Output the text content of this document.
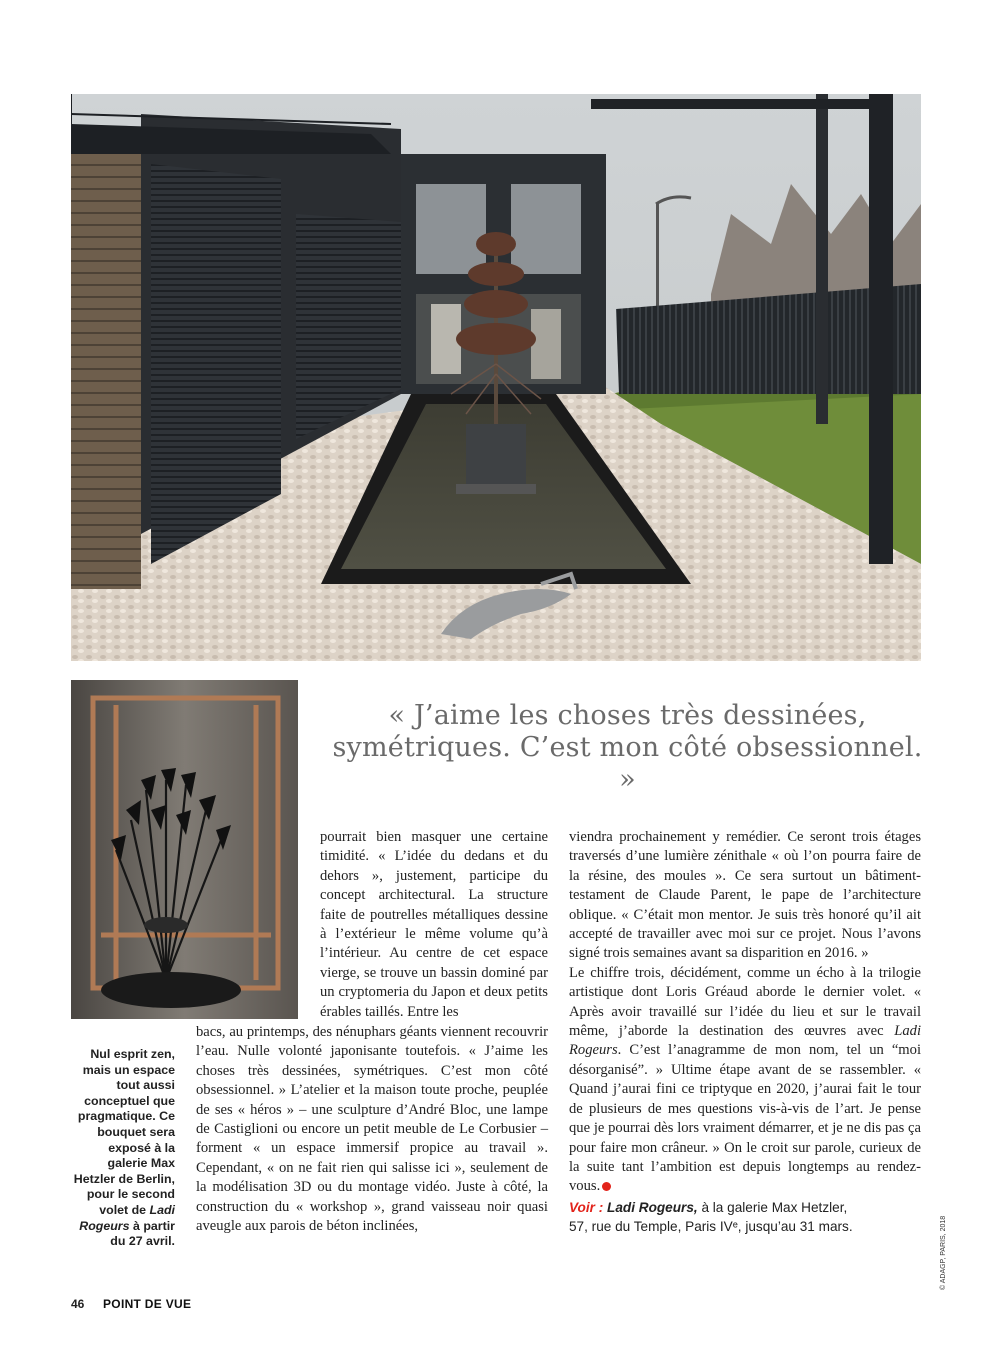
« J’aime les choses très dessinées, symétriques. C’est mon côté obsessionnel. »
Nul esprit zen, mais un espace tout aussi conceptuel que pragmatique. Ce bouquet sera exposé à la galerie Max Hetzler de Berlin, pour le second volet de Ladi Rogeurs à partir du 27 avril.

pourrait bien masquer une certaine timidité. « L’idée du dedans et du dehors », justement, participe du concept architectural. La structure faite de poutrelles métalliques dessine à l’extérieur le même volume qu’à l’intérieur. Au centre de cet espace vierge, se trouve un bassin dominé par un cryptomeria du Japon et deux petits érables taillés. Entre les

bacs, au printemps, des nénuphars géants viennent recouvrir l’eau. Nulle volonté japonisante toutefois. « J’aime les choses très dessinées, symétriques. C’est mon côté obsessionnel. » L’atelier et la maison toute proche, peuplée de ses « héros » – une sculpture d’André Bloc, une lampe de Castiglioni ou encore un petit meuble de Le Corbusier – forment « un espace immersif propice au travail ». Cependant, « on ne fait rien qui salisse ici », seulement de la modélisation 3D ou du montage vidéo. Juste à côté, la construction du « workshop », grand vaisseau noir quasi aveugle aux parois de béton inclinées,

viendra prochainement y remédier. Ce seront trois étages traversés d’une lumière zénithale « où l’on pourra faire de la résine, des moules ». Ce sera surtout un bâtiment-testament de Claude Parent, le pape de l’architecture oblique. « C’était mon mentor. Je suis très honoré qu’il ait accepté de travailler avec moi sur ce projet. Nous l’avons signé trois semaines avant sa disparition en 2016. »

Le chiffre trois, décidément, comme un écho à la trilogie artistique dont Loris Gréaud aborde le dernier volet. « Après avoir travaillé sur l’idée du lieu et sur le travail même, j’aborde la destination des œuvres avec Ladi Rogeurs. C’est l’anagramme de mon nom, tel un “moi désorganisé”. » Ultime étape avant de se rassembler. « Quand j’aurai fini ce triptyque en 2020, j’aurai fait le tour de plusieurs de mes questions vis-à-vis de l’art. Je pense que je pourrai dès lors vraiment démarrer, et je ne dis pas ça pour faire mon crâneur. » On le croit sur parole, curieux de la suite tant l’ambition est depuis longtemps au rendez-vous.

Voir : Ladi Rogeurs, à la galerie Max Hetzler,
57, rue du Temple, Paris IVᵉ, jusqu’au 31 mars.
46 POINT DE VUE
© ADAGP, PARIS, 2018
